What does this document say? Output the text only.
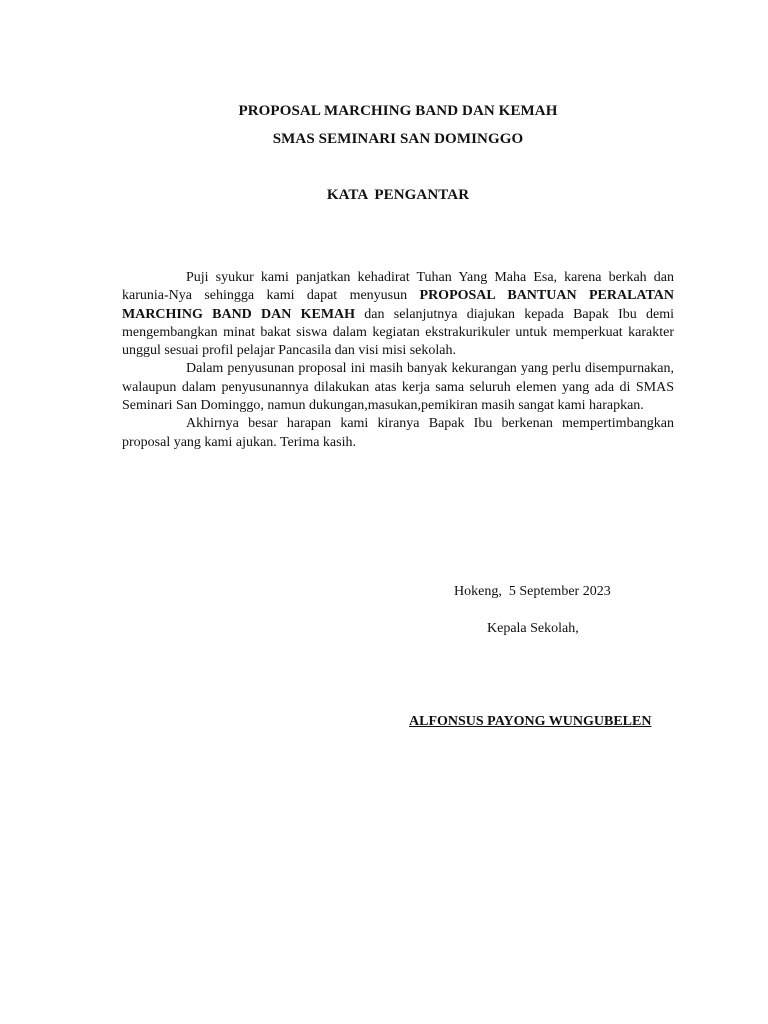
PROPOSAL MARCHING BAND DAN KEMAH
SMAS SEMINARI SAN DOMINGGO
KATA PENGANTAR

Puji syukur kami panjatkan kehadirat Tuhan Yang Maha Esa, karena berkah dan karunia-Nya sehingga kami dapat menyusun PROPOSAL BANTUAN PERALATAN MARCHING BAND DAN KEMAH dan selanjutnya diajukan kepada Bapak Ibu demi mengembangkan minat bakat siswa dalam kegiatan ekstrakurikuler untuk memperkuat karakter unggul sesuai profil pelajar Pancasila dan visi misi sekolah.

Dalam penyusunan proposal ini masih banyak kekurangan yang perlu disempurnakan, walaupun dalam penyusunannya dilakukan atas kerja sama seluruh elemen yang ada di SMAS Seminari San Dominggo, namun dukungan,masukan,pemikiran masih sangat kami harapkan.

Akhirnya besar harapan kami kiranya Bapak Ibu berkenan mempertimbangkan proposal yang kami ajukan. Terima kasih.

Hokeng,  5 September 2023
Kepala Sekolah,
ALFONSUS PAYONG WUNGUBELEN
